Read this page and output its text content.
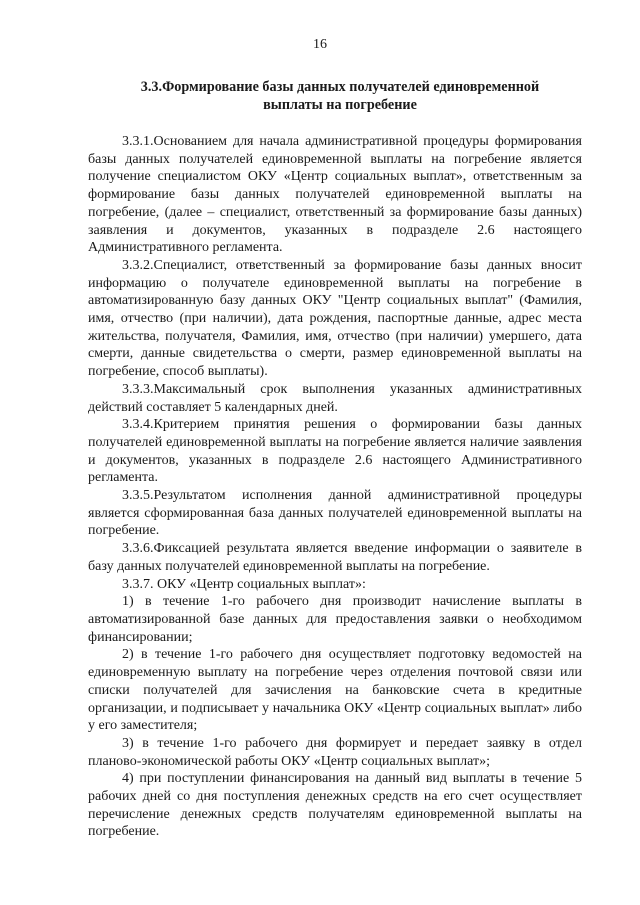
16
3.3.Формирование базы данных получателей единовременной
выплаты на погребение

3.3.1.Основанием для начала административной процедуры формирования базы данных получателей единовременной выплаты на погребение является получение специалистом ОКУ «Центр социальных выплат», ответственным за формирование базы данных получателей единовременной выплаты на погребение, (далее – специалист, ответственный за формирование базы данных) заявления и документов, указанных в подразделе 2.6 настоящего Административного регламента.

3.3.2.Специалист, ответственный за формирование базы данных вносит информацию о получателе единовременной выплаты на погребение в автоматизированную базу данных ОКУ "Центр социальных выплат" (Фамилия, имя, отчество (при наличии), дата рождения, паспортные данные, адрес места жительства, получателя, Фамилия, имя, отчество (при наличии) умершего, дата смерти, данные свидетельства о смерти, размер единовременной выплаты на погребение, способ выплаты).

3.3.3.Максимальный срок выполнения указанных административных действий составляет 5 календарных дней.

3.3.4.Критерием принятия решения о формировании базы данных получателей единовременной выплаты на погребение является наличие заявления и документов, указанных в подразделе 2.6 настоящего Административного регламента.

3.3.5.Результатом исполнения данной административной процедуры является сформированная база данных получателей единовременной выплаты на погребение.

3.3.6.Фиксацией результата является введение информации о заявителе в базу данных получателей единовременной выплаты на погребение.

3.3.7. ОКУ «Центр социальных выплат»:

1) в течение 1-го рабочего дня производит начисление выплаты в автоматизированной базе данных для предоставления заявки о необходимом финансировании;

2) в течение 1-го рабочего дня осуществляет подготовку ведомостей на единовременную выплату на погребение через отделения почтовой связи или списки получателей для зачисления на банковские счета в кредитные организации, и подписывает у начальника ОКУ «Центр социальных выплат» либо у его заместителя;

3) в течение 1-го рабочего дня формирует и передает заявку в отдел планово-экономической работы ОКУ «Центр социальных выплат»;

4) при поступлении финансирования на данный вид выплаты в течение 5 рабочих дней со дня поступления денежных средств на его счет осуществляет перечисление денежных средств получателям единовременной выплаты на погребение.
